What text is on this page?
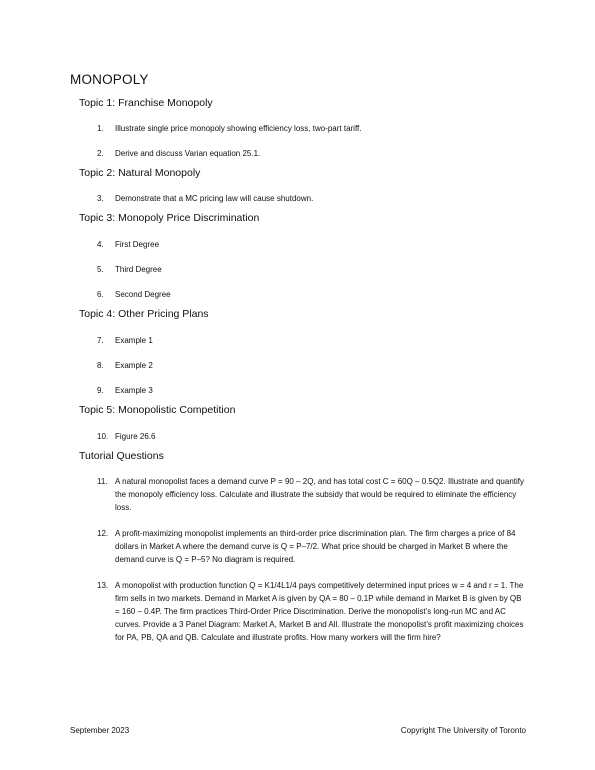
MONOPOLY
Topic 1: Franchise Monopoly
1.	Illustrate single price monopoly showing efficiency loss, two-part tariff.
2.	Derive and discuss Varian equation 25.1.
Topic 2: Natural Monopoly
3.	Demonstrate that a MC pricing law will cause shutdown.
Topic 3: Monopoly Price Discrimination
4.	First Degree
5.	Third Degree
6.	Second Degree
Topic 4: Other Pricing Plans
7.	Example 1
8.	Example 2
9.	Example 3
Topic 5: Monopolistic Competition
10. Figure 26.6
Tutorial Questions
11. A natural monopolist faces a demand curve P = 90 – 2Q, and has total cost C = 60Q – 0.5Q2. Illustrate and quantify the monopoly efficiency loss. Calculate and illustrate the subsidy that would be required to eliminate the efficiency loss.
12. A profit-maximizing monopolist implements an third-order price discrimination plan. The firm charges a price of 84 dollars in Market A where the demand curve is Q = P–7/2. What price should be charged in Market B where the demand curve is Q = P–5? No diagram is required.
13. A monopolist with production function Q = K1/4L1/4 pays competitively determined input prices w = 4 and r = 1. The firm sells in two markets. Demand in Market A is given by QA = 80 – 0.1P while demand in Market B is given by QB = 160 – 0.4P. The firm practices Third-Order Price Discrimination. Derive the monopolist’s long-run MC and AC curves. Provide a 3 Panel Diagram: Market A, Market B and All. Illustrate the monopolist’s profit maximizing choices for PA, PB, QA and QB. Calculate and illustrate profits. How many workers will the firm hire?
September 2023	Copyright The University of Toronto
